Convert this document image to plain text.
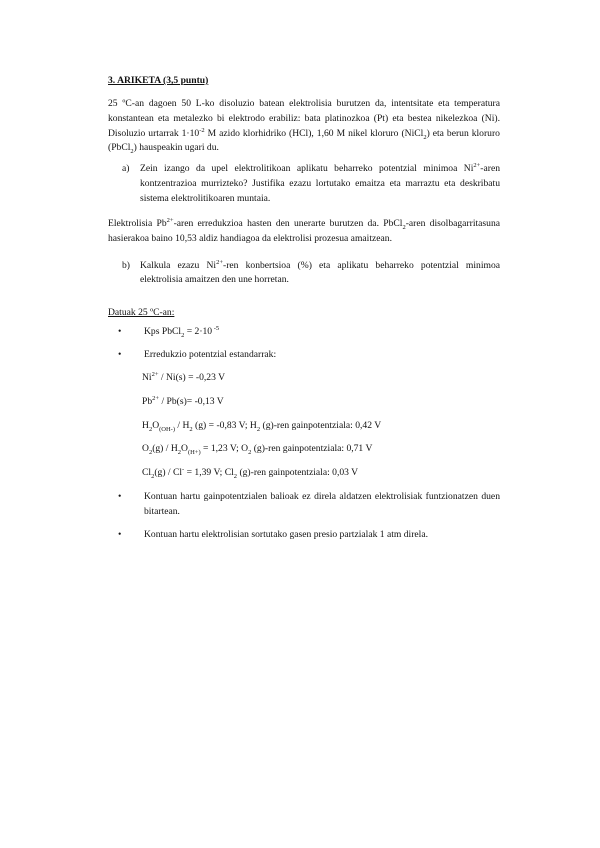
3. ARIKETA (3,5 puntu)

25 ºC-an dagoen 50 L-ko disoluzio batean elektrolisia burutzen da, intentsitate eta temperatura konstantean eta metalezko bi elektrodo erabiliz: bata platinozkoa (Pt) eta bestea nikelezkoa (Ni). Disoluzio urtarrak $1\cdot 10^{-2}$ M azido klorhidriko (HCl), 1,60 M nikel kloruro (NiCl$_2$) eta berun kloruro (PbCl$_2$) hauspeakin ugari du.

a)	Zein izango da upel elektrolitikoan aplikatu beharreko potentzial minimoa $Ni^{2+}$-aren kontzentrazioa murrizteko? Justifika ezazu lortutako emaitza eta marraztu eta deskribatu sistema elektrolitikoaren muntaia.

Elektrolisia $Pb^{2+}$-aren erredukzioa hasten den unerarte burutzen da. PbCl$_2$-aren disolbagarritasuna hasierakoa baino 10,53 aldiz handiagoa da elektrolisi prozesua amaitzean.

b)	Kalkula ezazu $Ni^{2+}$-ren konbertsioa (%) eta aplikatu beharreko potentzial minimoa elektrolisia amaitzen den une horretan.
Datuak 25 ºC-an:
•	Kps PbCl$_2$ = 2·10 $^{-5}$
•	Erredukzio potentzial estandarrak:
$Ni^{2+} / Ni(s) = -0,23$ V
$Pb^{2+} / Pb(s)= -0,13$ V
$H_2O_{(OH-)} / H_2$ (g) = -0,83 V; $H_2$ (g)-ren gainpotentziala: 0,42 V
$O_2(g) / H_2O_{(H+)} = 1,23$ V; $O_2$ (g)-ren gainpotentziala: 0,71 V
$Cl_2(g) / Cl^- = 1,39$ V; $Cl_2$ (g)-ren gainpotentziala: 0,03 V
•	Kontuan hartu gainpotentzialen balioak ez direla aldatzen elektrolisiak funtzionatzen duen bitartean.
•	Kontuan hartu elektrolisian sortutako gasen presio partzialak 1 atm direla.
